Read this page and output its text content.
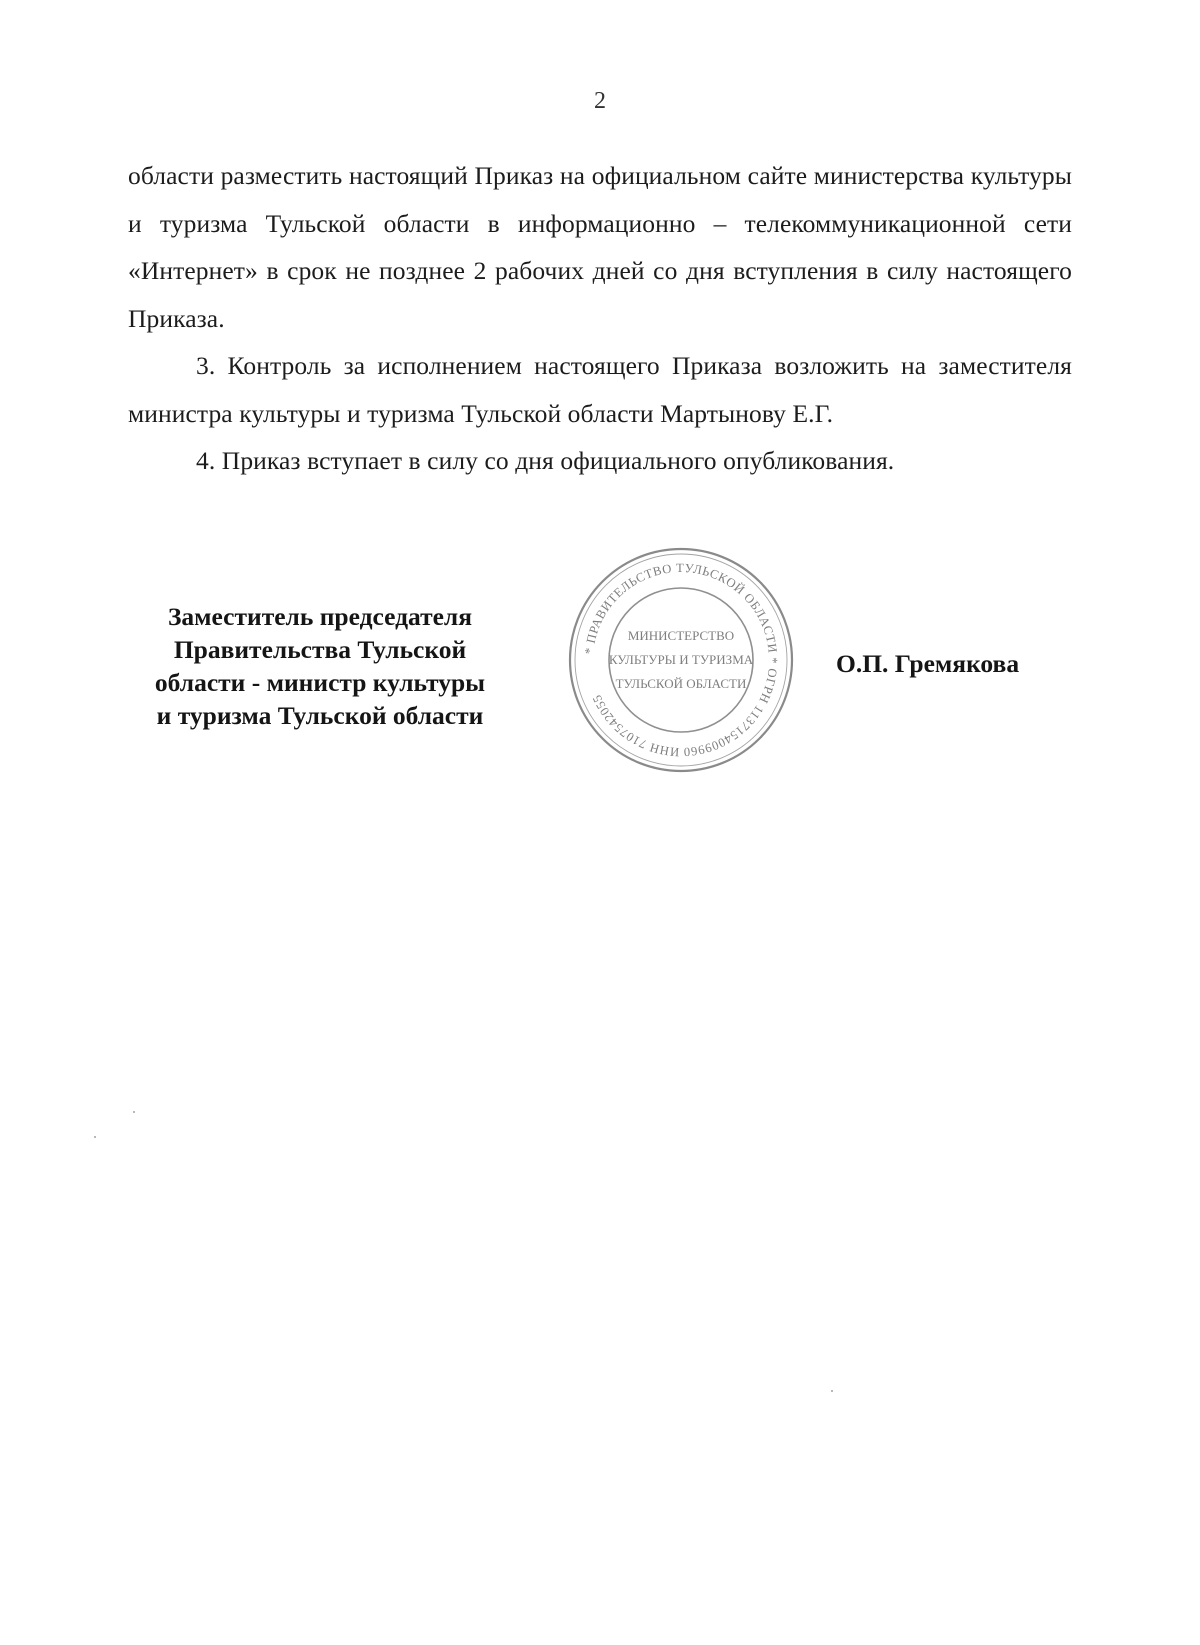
2

области разместить настоящий Приказ на официальном сайте министерства культуры и туризма Тульской области в информационно – телекоммуникационной сети «Интернет» в срок не позднее 2 рабочих дней со дня вступления в силу настоящего Приказа.

3. Контроль за исполнением настоящего Приказа возложить на заместителя министра культуры и туризма Тульской области Мартынову Е.Г.

4. Приказ вступает в силу со дня официального опубликования.

Заместитель председателя
Правительства Тульской
области - министр культуры
и туризма Тульской области
* ПРАВИТЕЛЬСТВО ТУЛЬСКОЙ ОБЛАСТИ * ОГРН 1137154009960 ИНН 7107542055
МИНИСТЕРСТВО
КУЛЬТУРЫ И ТУРИЗМА
ТУЛЬСКОЙ ОБЛАСТИ
О.П. Гремякова
